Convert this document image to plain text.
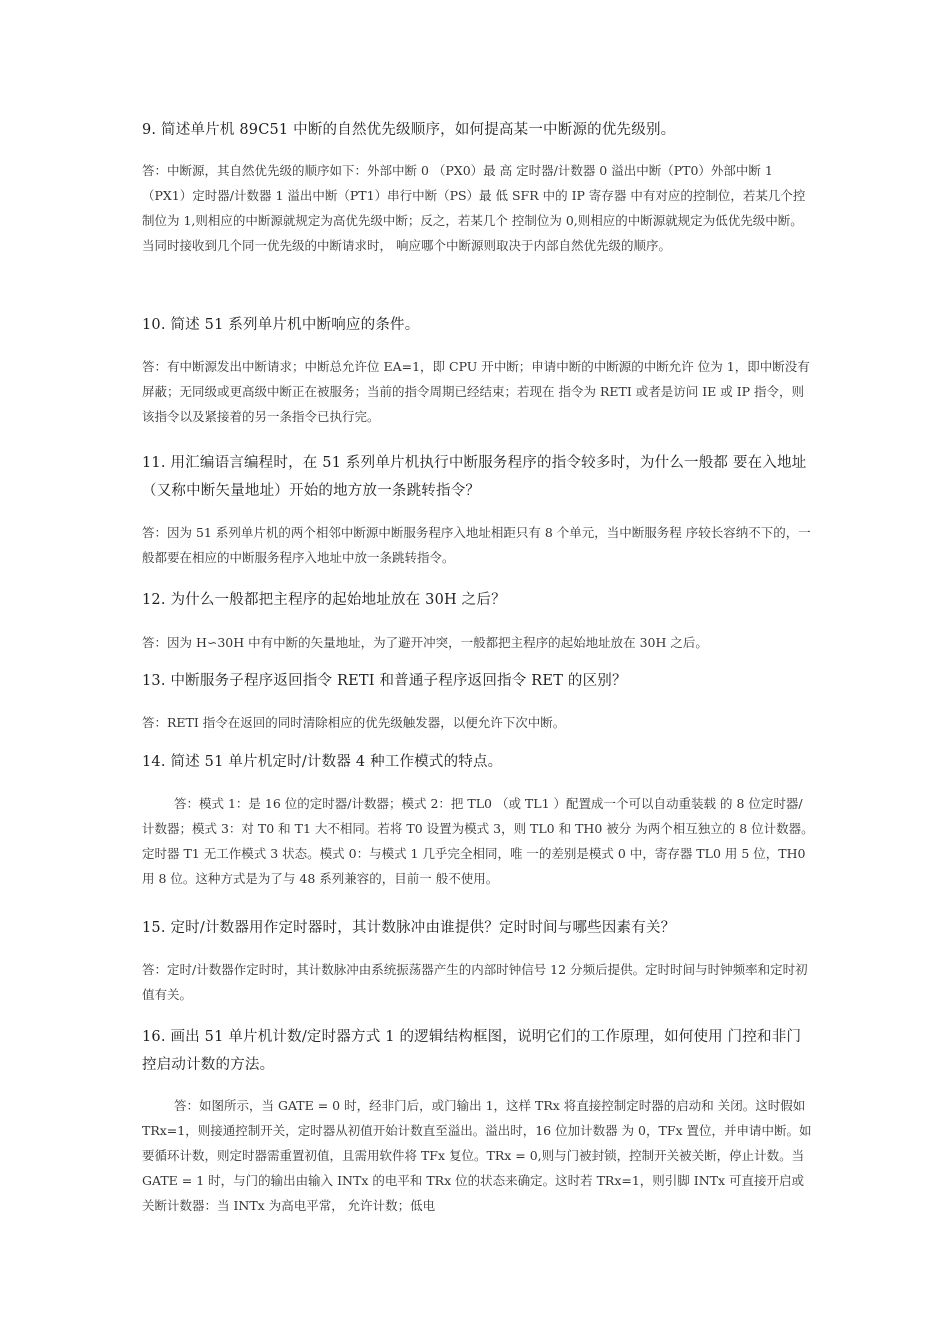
9. 简述单片机 89C51 中断的自然优先级顺序，如何提高某一中断源的优先级别。

答：中断源，其自然优先级的顺序如下：外部中断 0 （PX0）最 高 定时器/计数器 0 溢出中断（PT0）外部中断 1（PX1）定时器/计数器 1 溢出中断（PT1）串行中断（PS）最 低 SFR 中的 IP 寄存器 中有对应的控制位，若某几个控制位为 1,则相应的中断源就规定为高优先级中断；反之，若某几个 控制位为 0,则相应的中断源就规定为低优先级中断。当同时接收到几个同一优先级的中断请求时， 响应哪个中断源则取决于内部自然优先级的顺序。

10. 简述 51 系列单片机中断响应的条件。

答：有中断源发出中断请求；中断总允许位 EA=1，即 CPU 开中断；申请中断的中断源的中断允许 位为 1，即中断没有屏蔽；无同级或更高级中断正在被服务；当前的指令周期已经结束；若现在 指令为 RETI 或者是访问 IE 或 IP 指令，则该指令以及紧接着的另一条指令已执行完。

11. 用汇编语言编程时，在 51 系列单片机执行中断服务程序的指令较多时，为什么一般都 要在入地址（又称中断矢量地址）开始的地方放一条跳转指令？

答：因为 51 系列单片机的两个相邻中断源中断服务程序入地址相距只有 8 个单元，当中断服务程 序较长容纳不下的，一般都要在相应的中断服务程序入地址中放一条跳转指令。

12. 为什么一般都把主程序的起始地址放在 30H 之后？

答：因为 H∽30H 中有中断的矢量地址，为了避开冲突，一般都把主程序的起始地址放在 30H 之后。

13. 中断服务子程序返回指令 RETI 和普通子程序返回指令 RET 的区别？

答：RETI 指令在返回的同时清除相应的优先级触发器，以便允许下次中断。

14. 简述 51 单片机定时/计数器 4 种工作模式的特点。

答：模式 1：是 16 位的定时器/计数器；模式 2：把 TL0 （或 TL1 ）配置成一个可以自动重装载 的 8 位定时器/计数器；模式 3：对 T0 和 T1 大不相同。若将 T0 设置为模式 3，则 TL0 和 TH0 被分 为两个相互独立的 8 位计数器。定时器 T1 无工作模式 3 状态。模式 0：与模式 1 几乎完全相同，唯 一的差别是模式 0 中，寄存器 TL0 用 5 位，TH0 用 8 位。这种方式是为了与 48 系列兼容的，目前一 般不使用。

15. 定时/计数器用作定时器时，其计数脉冲由谁提供？定时时间与哪些因素有关？

答：定时/计数器作定时时，其计数脉冲由系统振荡器产生的内部时钟信号 12 分频后提供。定时时间与时钟频率和定时初值有关。

16. 画出 51 单片机计数/定时器方式 1 的逻辑结构框图，说明它们的工作原理，如何使用 门控和非门控启动计数的方法。

答：如图所示，当 GATE = 0 时，经非门后，或门输出 1，这样 TRx 将直接控制定时器的启动和 关闭。这时假如 TRx=1，则接通控制开关，定时器从初值开始计数直至溢出。溢出时，16 位加计数器 为 0，TFx 置位，并申请中断。如要循环计数，则定时器需重置初值，且需用软件将 TFx 复位。TRx = 0,则与门被封锁，控制开关被关断，停止计数。当 GATE = 1 时，与门的输出由输入 INTx 的电平和 TRx 位的状态来确定。这时若 TRx=1，则引脚 INTx 可直接开启或关断计数器：当 INTx 为高电平常， 允许计数；低电
